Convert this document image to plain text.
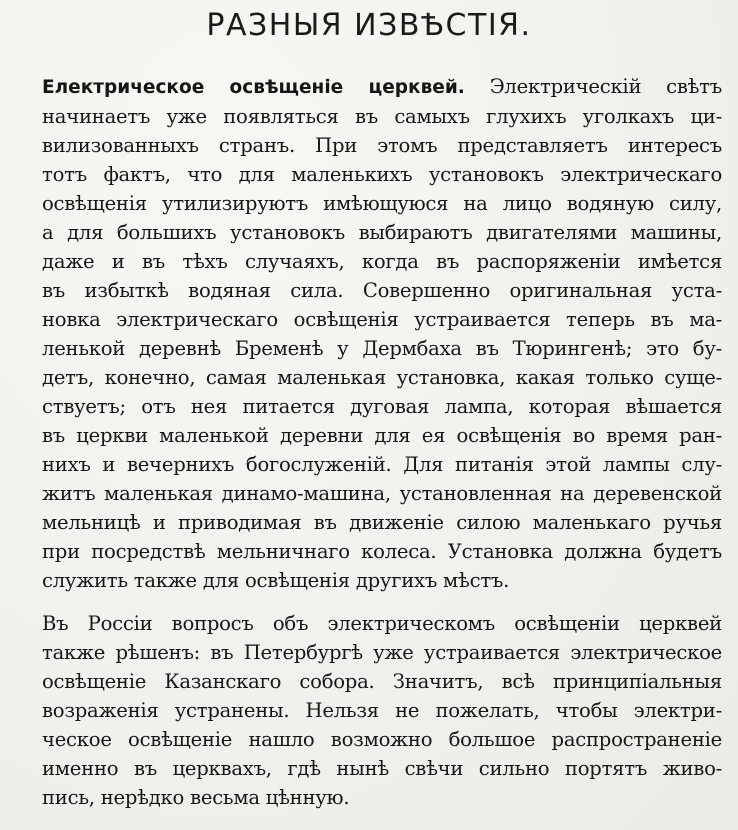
РАЗНЫЯ ИЗВѢСТІЯ.
Електрическое освѣщеніе церквей. Электрическій свѣтъ
начинаетъ уже появляться въ самыхъ глухихъ уголкахъ ци-
вилизованныхъ странъ. При этомъ представляетъ интересъ
тотъ фактъ, что для маленькихъ установокъ электрическаго
освѣщенія утилизируютъ имѣющуюся на лицо водяную силу,
а для большихъ установокъ выбираютъ двигателями машины,
даже и въ тѣхъ случаяхъ, когда въ распоряженіи имѣется
въ избыткѣ водяная сила. Совершенно оригинальная уста-
новка электрическаго освѣщенія устраивается теперь въ ма-
ленькой деревнѣ Бременѣ у Дермбаха въ Тюрингенѣ; это бу-
детъ, конечно, самая маленькая установка, какая только суще-
ствуетъ; отъ нея питается дуговая лампа, которая вѣшается
въ церкви маленькой деревни для ея освѣщенія во время ран-
нихъ и вечернихъ богослуженій. Для питанія этой лампы слу-
житъ маленькая динамо-машина, установленная на деревенской
мельницѣ и приводимая въ движеніе силою маленькаго ручья
при посредствѣ мельничнаго колеса. Установка должна будетъ
служить также для освѣщенія другихъ мѣстъ.
Въ Россіи вопросъ объ электрическомъ освѣщеніи церквей
также рѣшенъ: въ Петербургѣ уже устраивается электрическое
освѣщеніе Казанскаго собора. Значитъ, всѣ принципіальныя
возраженія устранены. Нельзя не пожелать, чтобы электри-
ческое освѣщеніе нашло возможно большое распространеніе
именно въ церквахъ, гдѣ нынѣ свѣчи сильно портятъ живо-
пись, нерѣдко весьма цѣнную.
